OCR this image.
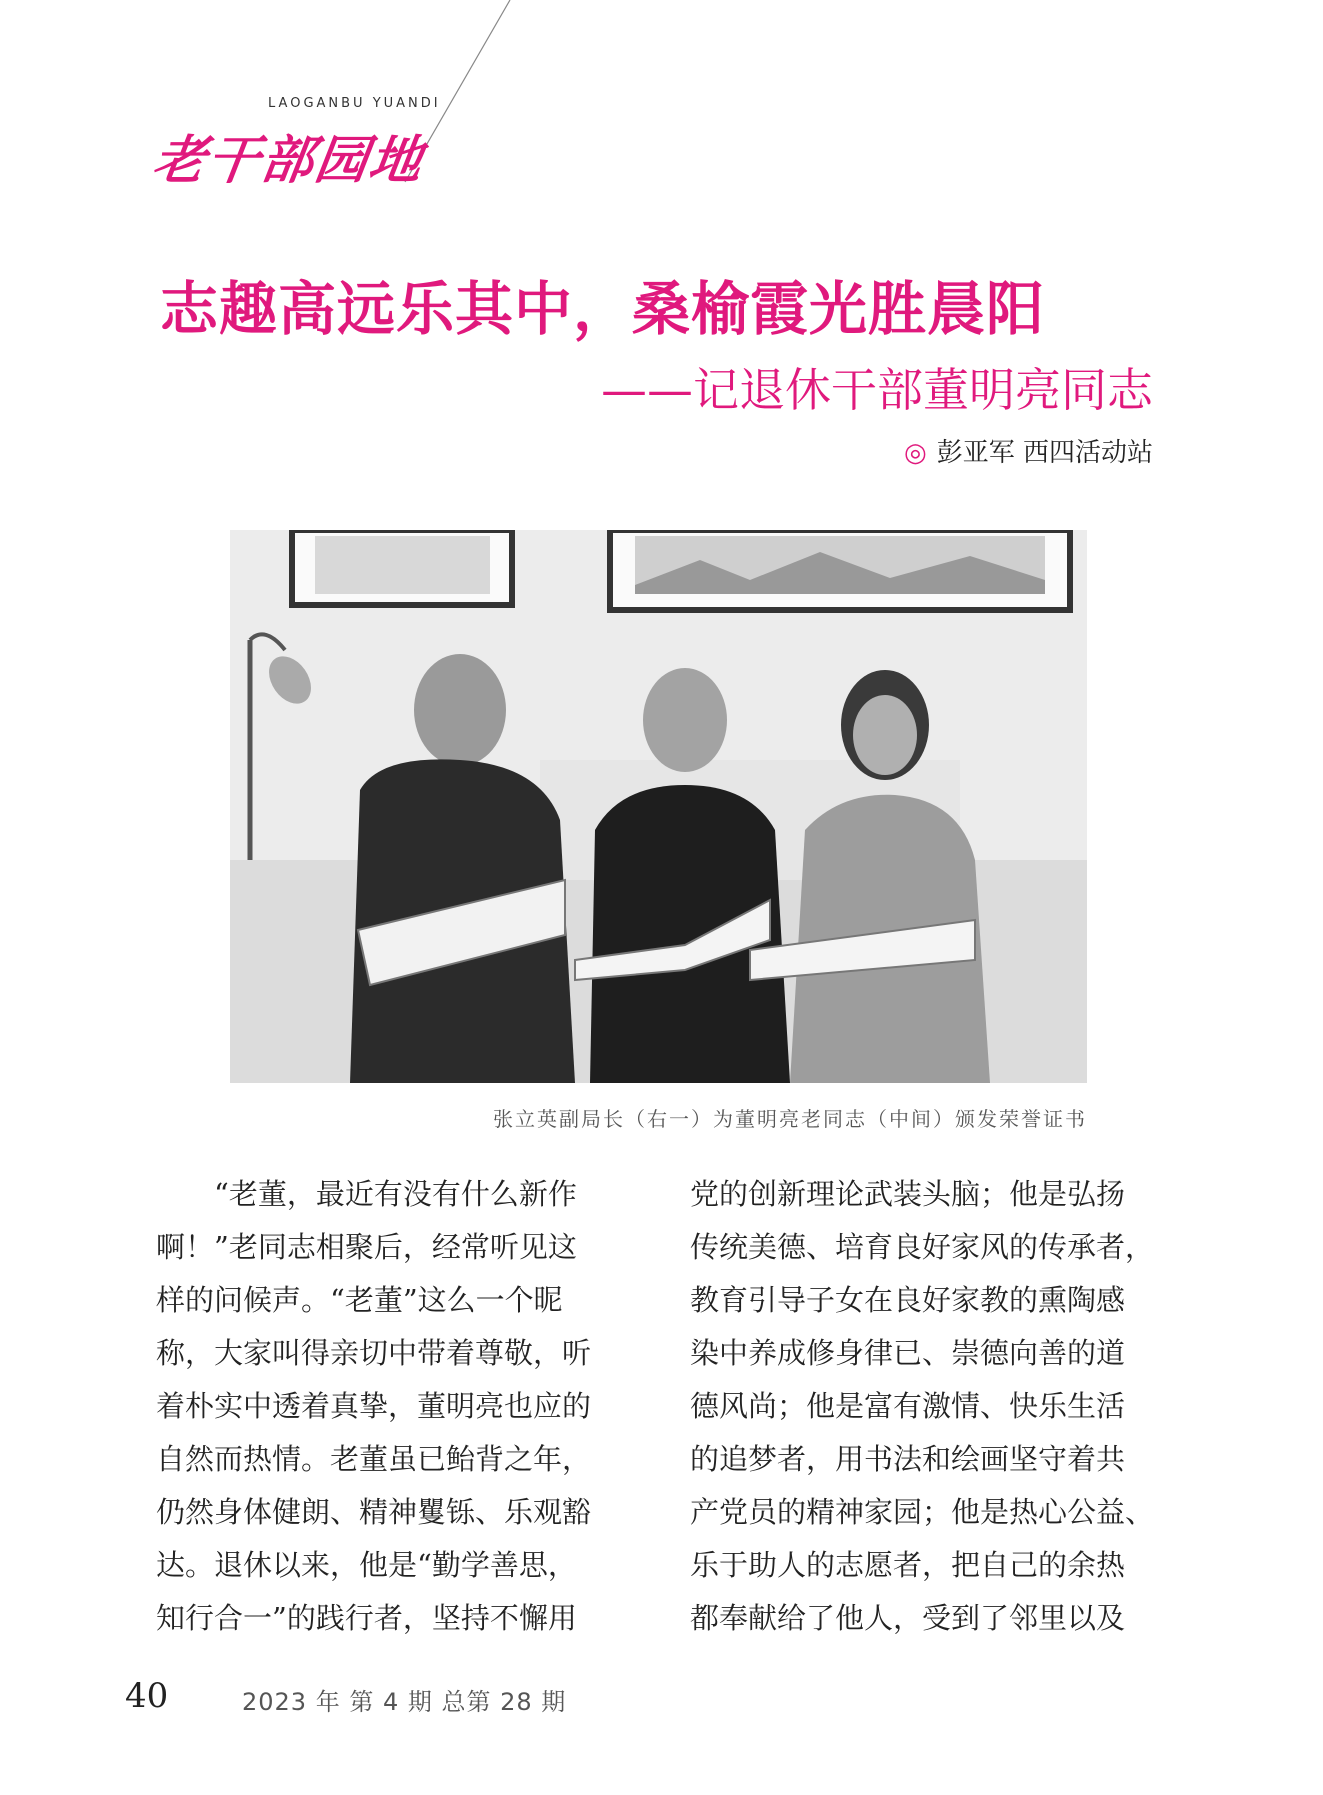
LAOGANBU YUANDI
老干部园地
志趣高远乐其中，桑榆霞光胜晨阳
——记退休干部董明亮同志
◎ 彭亚军 西四活动站
张立英副局长（右一）为董明亮老同志（中间）颁发荣誉证书
　　“老董，最近有没有什么新作
啊！”老同志相聚后，经常听见这
样的问候声。“老董”这么一个昵
称，大家叫得亲切中带着尊敬，听
着朴实中透着真挚，董明亮也应的
自然而热情。老董虽已鲐背之年，
仍然身体健朗、精神矍铄、乐观豁
达。退休以来，他是“勤学善思，
知行合一”的践行者，坚持不懈用
党的创新理论武装头脑；他是弘扬
传统美德、培育良好家风的传承者，
教育引导子女在良好家教的熏陶感
染中养成修身律已、崇德向善的道
德风尚；他是富有激情、快乐生活
的追梦者，用书法和绘画坚守着共
产党员的精神家园；他是热心公益、
乐于助人的志愿者，把自己的余热
都奉献给了他人，受到了邻里以及
40	2023 年 第 4 期 总第 28 期
